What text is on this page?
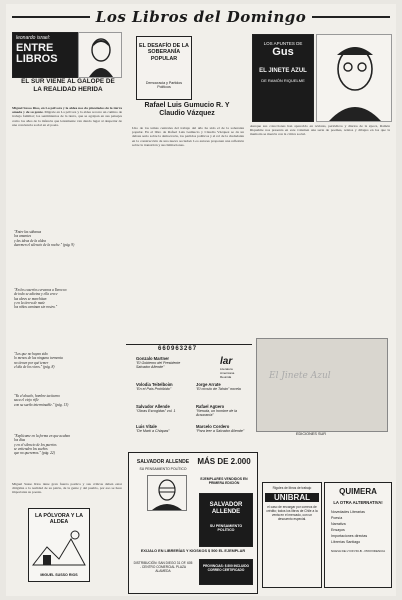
Los Libros del Domingo
leonardo israel:
ENTRE LIBROS
EL SUR VIENE AL GALOPE DE LA REALIDAD HERIDA
Miguel Susso Ríos, en La pólvora y la aldea nos da pincelados de la tierra amada y de su gente. Mígrale en La pólvora y la aldea recorre un camino de trabajo familiar; los sentimientos de la tierra, que se agolpan en sus paisajes como los años de la infancia que lentamente van dando lugar al despertar de una conciencia social en el poeta.
"Entre las sábanas
los amantes
y las ideas de la aldea
duermen el silencio de la noche." (pág. 9)
"En los caseríos cercanos a Yarocoo
de todo se adivina y ella crece
las ubres se marchitan
y en la tierra de maíz
los niños caminan sin rostro."
"Los que no hayan sido
lo menos de las ninguna tormenta
no tienen por qué temer
el día de los vivos." (pág. 8)
"Ya el abuelo, hombre taciturno
saca el viejo rifle
con su sueño interminable." (pág. 13)
"Explícame en la forma en que acaban
los días
y en el silencio de los puertos
se entienden los sueños
que no queremos." (pág. 22)
Miguel Susso Ríos tiene gran fuerza poética y sus críticas deben estar dirigidas a la realidad de su patria, de la gente y del pueblo, por eso se hace importante su poesía.
LA PÓLVORA Y LA ALDEA
MIGUEL SUSSO RIOS
EL DESAFÍO DE LA SOBERANÍA POPULAR
Democracia y Partidos Políticos
Rafael Luis Gumucio R. Y Claudio Vázquez
Uno de los temas centrales del trabajo del año ha sido el de la soberanía popular. En el libro de Rafael Luis Gumucio y Claudio Vázquez se da un debate serio sobre la democracia, los partidos políticos y el rol de la ciudadanía en la construcción de una nueva sociedad. Los autores proponen una reflexión sobre la transición y sus limitaciones.
LOS APUNTES DE
Gus
EL JINETE AZUL
DE RAMÓN RIQUELME
Aunque sus colecciones han aparecido en revistas, periódicos y diarios de la época, Ramón Riquelme nos presenta en este volumen una serie de poemas, relatos y dibujos en los que la memoria se mezcla con la crítica social.
El Jinete Azul
EDICIONES SUR
660963267
lar
Literatura
Americana
Reunida
Gonzalo Martner
"El Gobierno del Presidente Salvador Allende"
Volodia Teitelboim
"En el País Prohibido"
Salvador Allende
"Obras Escogidas" vol. 1
Luis Vitale
"De Martí a Chiapas"
Jorge Arrate
"El círculo de Tahán" novela
Rafael Agüero
"Neruda, un hombre de la Araucanía"
Marcelo Cordero
"Para leer a Salvador Allende"
SALVADOR ALLENDE
SU PENSAMIENTO POLÍTICO
MÁS DE 2.000
EJEMPLARES VENDIDOS EN PRIMERA EDICIÓN
SALVADOR ALLENDE
SU PENSAMIENTO POLÍTICO
EXIJALO EN LIBRERÍAS Y KIOSKOS $ 500 EL EJEMPLAR
DISTRIBUCIÓN: SAN DIEGO 31 OF. 605 - CENTRO COMERCIAL PLAZA ALAMEDA
PROVINCIAS: $ 800 INCLUIDO CORREO CERTIFICADO
Rigoles de libros de trabajo
UNIBRAL
el caso de encargar por correos de crédito; todos los libros de Chile a la venta en el mercado, con un descuento especial.
QUIMERA
LA OTRA ALTERNATIVA!
Novedades Literarias
Poesía
Narrativa
Ensayos
Importaciones directas
Librerías Santiago
NUEVA DE LYON 50-B - PROVIDENCIA
